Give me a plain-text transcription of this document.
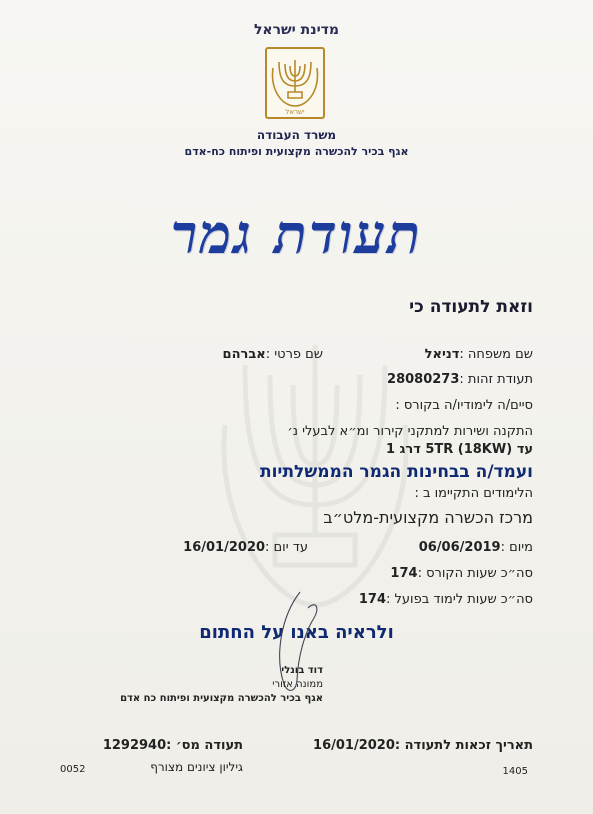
מדינת ישראל
ישראל
משרד העבודה
אגף בכיר להכשרה מקצועית ופיתוח כח-אדם
תעודת גמר
וזאת לתעודה כי
שם משפחה :דניאל
שם פרטי :אברהם
תעודת זהות :28080273
סיים/ה לימודיו/ה בקורס :
התקנה ושירות למתקני קירור ומ״א לבעלי נ׳
עד 5TR (18KW) דרג 1
ועמד/ה בבחינות הגמר הממשלתיות
הלימודים התקיימו ב :
מרכז הכשרה מקצועית-מלט״ב
מיום :06/06/2019
עד יום :16/01/2020
סה״כ שעות הקורס :174
סה״כ שעות לימוד בפועל :174
ולראיה באנו על החתום
דוד בונלי
ממונה אזורי
אגף בכיר להכשרה מקצועית ופיתוח כח אדם
תאריך זכאות לתעודה :16/01/2020
תעודה מס׳ :1292940
גיליון ציונים מצורף
0052	1405
